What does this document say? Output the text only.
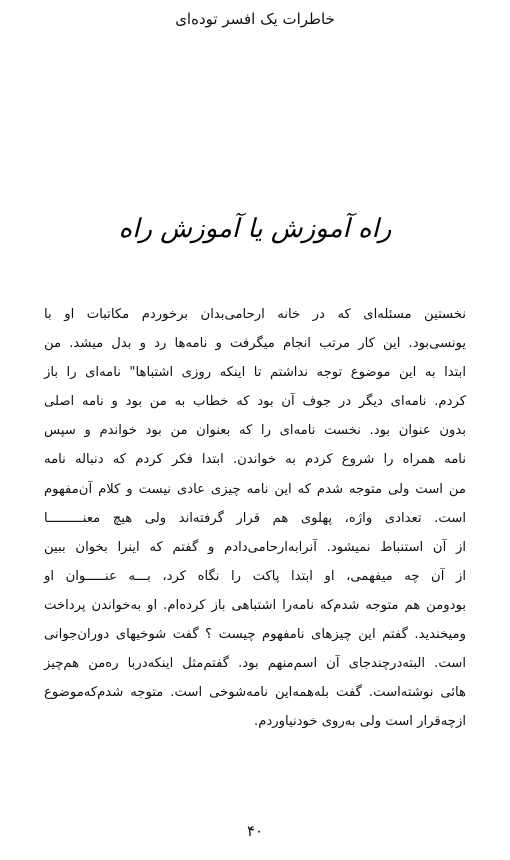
خاطرات یک افسر توده‌ای
راه آموزش یا آموزش راه
نخستین مسئله‌ای که در خانه ارحامی‌بدان برخوردم مکاتبات او با
یونسی‌بود. این کار مرتب انجام میگرفت و نامه‌ها رد و بدل میشد. من
ابتدا به این موضوع توجه نداشتم تا اینکه روزی اشتباها" نامه‌ای را باز
کردم. نامه‌ای دیگر در جوف آن بود که خطاب به من بود و نامه اصلی
بدون عنوان بود. نخست نامه‌ای را که بعنوان من بود خواندم و سپس
نامه همراه را شروع کردم به خواندن. ابتدا فکر کردم که دنباله نامه
من است ولی متوجه شدم که این نامه چیزی عادی نیست و کلام آن‌مفهوم
است. تعدادی واژه، پهلوی هم قرار گرفته‌اند ولی هیچ معنـــــــــا
از آن استنباط نمیشود. آنرابه‌ارحامی‌دادم و گفتم که اینرا بخوان ببین
از آن چه میفهمی، او ابتدا پاکت را نگاه کرد، بـــه عنـــــوان او
بودومن هم متوجه شدم‌که نامه‌را اشتباهی باز کرده‌ام. او به‌خواندن پرداخت
ومیخندید. گفتم این چیزهای نامفهوم چیست ؟ گفت شوخیهای دوران‌جوانی
است. البته‌درچندجای آن اسم‌منهم بود. گفتم‌مثل اینکه‌دربا ره‌من هم‌چیز
هائی نوشته‌است. گفت بله‌همه‌این نامه‌شوخی است. متوجه شدم‌که‌موضوع
ازچه‌قرار است ولی به‌روی خودنیاوردم.
۴۰
